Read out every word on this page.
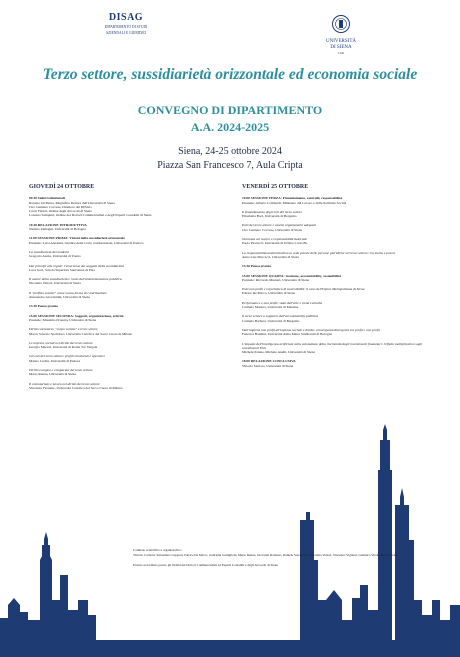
DISAG
DIPARTIMENTO DI STUDI
AZIENDALI E GIURIDICI
UNIVERSITÀ
DI SIENA
1240
Terzo settore, sussidiarietà orizzontale ed economia sociale
CONVEGNO DI DIPARTIMENTO
A.A. 2024-2025
Siena, 24-25 ottobre 2024
Piazza San Francesco 7, Aula Cripta
GIOVEDÌ 24 OTTOBRE
09.30 Saluti istituzionali
Roberto Di Pietra, Magnifico Rettore dell'Università di Siena
Ciro Gennaro Corvese, Direttore del DISAG
Lucia Fabbri, Ordine degli Avvocati di Siena
Lorenzo Sampieri, Ordine dei Dottori Commercialisti e degli Esperti Contabili di Siena
10.30 RELAZIONE INTRODUTTIVA
Stefano Zamagni, Università di Bologna
11.00 SESSIONE PRIMA: Visioni della sussidiarietà orizzontale
Presiede: Luca Antonini, Giudice della Corte costituzionale, Università di Padova
La sussidiarietà dei moderni
Gregorio Arena, Università di Trento
Dai principi alle regole: l'emersione dei soggetti della sussidiarietà
Luca Gori, Scuola Superiore Sant'Anna di Pisa
Il valore della sussidiarietà e ruolo dell'amministrazione pubblica
Nicoletta Vettori, Università di Siena
Il "profitto sociale" come nuova forma di contribuzione
Alessandro Giovannini, Università di Siena
13.30 Pausa pranzo
15.00 SESSIONE SECONDA: Soggetti, organizzazione, attività
Presiede: Massimo D'Auria, Università di Siena
Diritto societario, "scopo sociale" e terzo settore
Marco Saverio Spolidoro, Università Cattolica del Sacro Cuore di Milano
Le imprese sociali nel diritto del terzo settore
Giorgio Marasà, Università di Roma Tor Vergata
Gli enti del terzo settore: profili strutturali e operativi
Matteo Ceolin, Università di Padova
Diritto europeo e comparato del terzo settore
Mario Renna, Università di Siena
Il volontariato e lavoro nel diritto del terzo settore
Vincenzo Ferrante, Università Cattolica del Sacro Cuore di Milano
VENERDÌ 25 OTTOBRE
10.00 SESSIONE TERZA: Finanziamento, controlli, responsabilità
Presiede: Alberto Lombardi, Ministero del Lavoro e delle Politiche Sociali
Il finanziamento degli enti del terzo settore
Elisabetta Baci, Università di Bergamo
Esiti del terzo settore e assetti organizzativi adeguati
Ciro Gennaro Corvese, Università di Siena
Sicurezza sul lavoro e responsabilità datoriale
Paolo Pascucci, Università di Urbino Carlo Bo
La responsabilità amministrativa in sede penale delle persone giuridiche nel terzo settore: tra teoria e prassi
Anna Lisa Marcacci, Università di Siena
13.30 Pausa pranzo
15.00 SESSIONE QUARTA: Gestione, accountability, sostenibilità
Presiede: Riccardo Mussari, Università di Siena
Esiti non profit e reportistica di sostenibilità: il caso dell'Opera Metropolitana di Siena
Patrice De Micco, Università di Siena
Performance e non profit: stato dell'arte e trend evolutivi
Carmelo Mattera, Università di Messina
Il terzo settore a supporto dell'accountability pubblica
Carmela Barbera, Università di Bergamo
Dall'impresa non profit all'impresa sociale e ibrida: convergenze/divergenze tra profit e non profit
Federica Bandini, Università Alma Mater Studiorum di Bologna
L'impatto dell'intelligenza artificiale sulla valutazione della rischiosità degli investimenti finanziari: l'effetto moltiplicativo sugli investimenti ESG
Michele Patane, Michele Anelli, Università di Siena
18.00 RELAZIONE CONCLUSIVA
Vittorio Santoro, Università di Siena

Comitato scientifico e organizzativo:
Vittorio Carboni, Sebastiano Capponi, Patrice De Micco, Gabriella Gattiglioni, Mario Renna, Giovanni Romano, Daniela Sorrentino, Nicoletta Vettori, Vincenzo Vignieri, Gianluca Vitale, Nicola Vozzi

Evento accreditato presso gli Ordini dei Dottori Commercialisti ed Esperti Contabili e degli Avvocati di Siena
